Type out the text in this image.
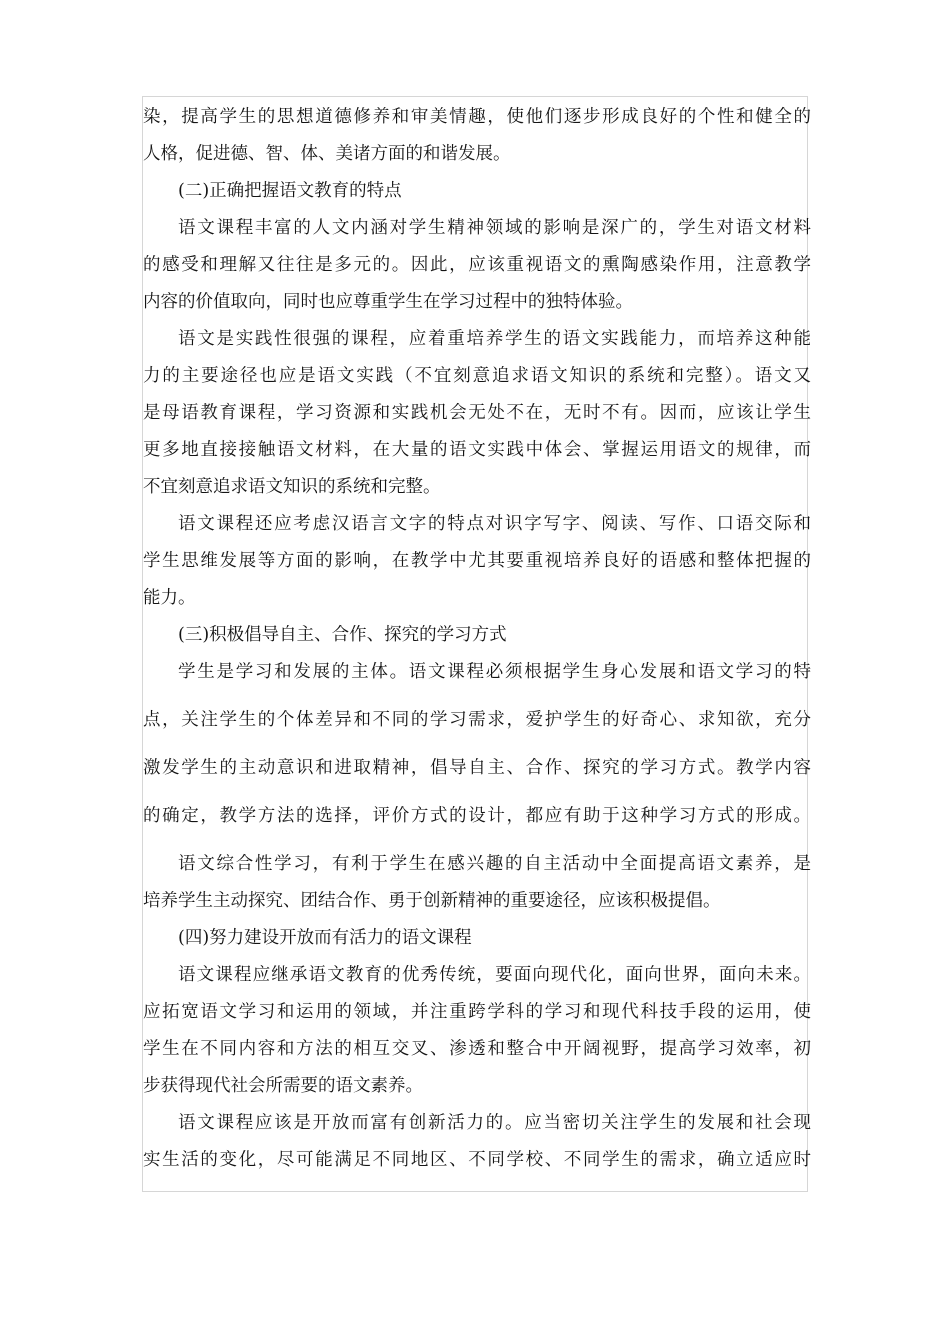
染，提高学生的思想道德修养和审美情趣，使他们逐步形成良好的个性和健全的
人格，促进德、智、体、美诸方面的和谐发展。
(二)正确把握语文教育的特点
语文课程丰富的人文内涵对学生精神领域的影响是深广的，学生对语文材料
的感受和理解又往往是多元的。因此，应该重视语文的熏陶感染作用，注意教学
内容的价值取向，同时也应尊重学生在学习过程中的独特体验。
语文是实践性很强的课程，应着重培养学生的语文实践能力，而培养这种能
力的主要途径也应是语文实践（不宜刻意追求语文知识的系统和完整）。语文又
是母语教育课程，学习资源和实践机会无处不在，无时不有。因而，应该让学生
更多地直接接触语文材料，在大量的语文实践中体会、掌握运用语文的规律，而
不宜刻意追求语文知识的系统和完整。
语文课程还应考虑汉语言文字的特点对识字写字、阅读、写作、口语交际和
学生思维发展等方面的影响，在教学中尤其要重视培养良好的语感和整体把握的
能力。
(三)积极倡导自主、合作、探究的学习方式
学生是学习和发展的主体。语文课程必须根据学生身心发展和语文学习的特
点，关注学生的个体差异和不同的学习需求，爱护学生的好奇心、求知欲，充分
激发学生的主动意识和进取精神，倡导自主、合作、探究的学习方式。教学内容
的确定，教学方法的选择，评价方式的设计，都应有助于这种学习方式的形成。
语文综合性学习，有利于学生在感兴趣的自主活动中全面提高语文素养，是
培养学生主动探究、团结合作、勇于创新精神的重要途径，应该积极提倡。
(四)努力建设开放而有活力的语文课程
语文课程应继承语文教育的优秀传统，要面向现代化，面向世界，面向未来。
应拓宽语文学习和运用的领域，并注重跨学科的学习和现代科技手段的运用，使
学生在不同内容和方法的相互交叉、渗透和整合中开阔视野，提高学习效率，初
步获得现代社会所需要的语文素养。
语文课程应该是开放而富有创新活力的。应当密切关注学生的发展和社会现
实生活的变化，尽可能满足不同地区、不同学校、不同学生的需求，确立适应时
